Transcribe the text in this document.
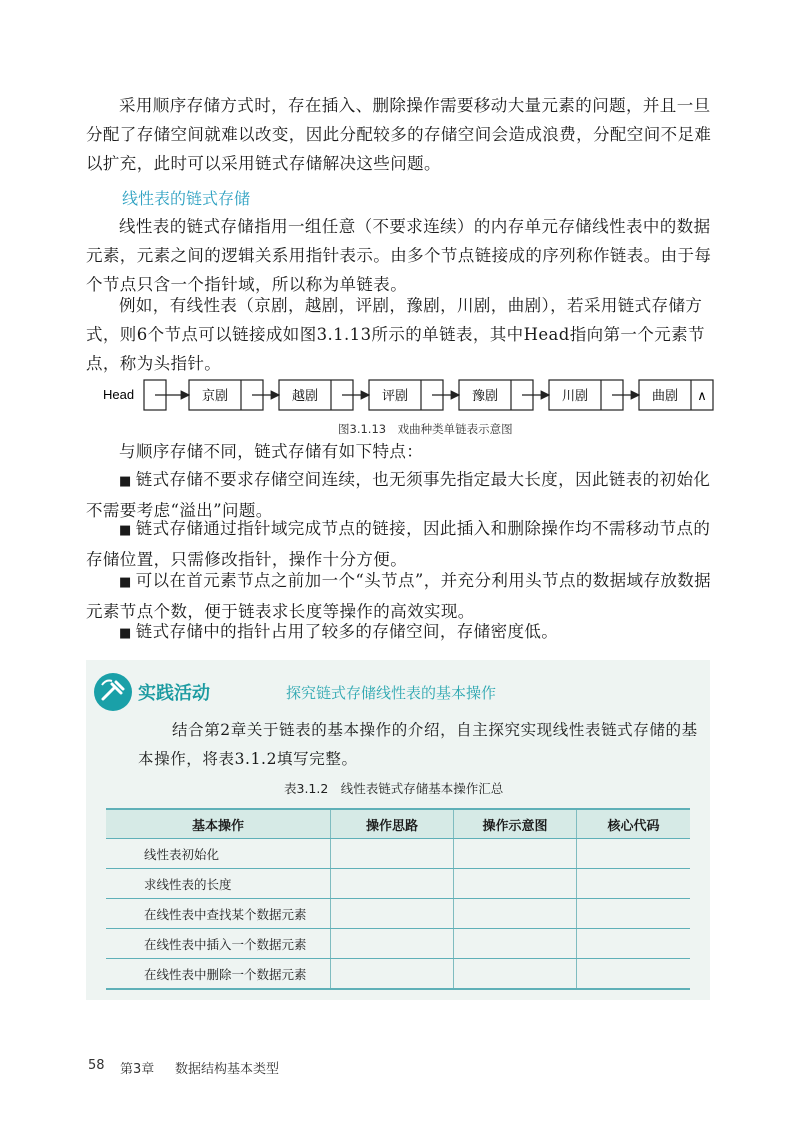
采用顺序存储方式时，存在插入、删除操作需要移动大量元素的问题，并且一旦分配了存储空间就难以改变，因此分配较多的存储空间会造成浪费，分配空间不足难以扩充，此时可以采用链式存储解决这些问题。

线性表的链式存储

线性表的链式存储指用一组任意（不要求连续）的内存单元存储线性表中的数据元素，元素之间的逻辑关系用指针表示。由多个节点链接成的序列称作链表。由于每个节点只含一个指针域，所以称为单链表。

例如，有线性表（京剧，越剧，评剧，豫剧，川剧，曲剧），若采用链式存储方式，则6个节点可以链接成如图3.1.13所示的单链表，其中Head指向第一个元素节点，称为头指针。

Head	京剧	越剧	评剧	豫剧	川剧	曲剧 ∧
图3.1.13　戏曲种类单链表示意图

与顺序存储不同，链式存储有如下特点：

■ 链式存储不要求存储空间连续，也无须事先指定最大长度，因此链表的初始化不需要考虑“溢出”问题。

■ 链式存储通过指针域完成节点的链接，因此插入和删除操作均不需移动节点的存储位置，只需修改指针，操作十分方便。

■ 可以在首元素节点之前加一个“头节点”，并充分利用头节点的数据域存放数据元素节点个数，便于链表求长度等操作的高效实现。

■ 链式存储中的指针占用了较多的存储空间，存储密度低。

实践活动	探究链式存储线性表的基本操作

结合第2章关于链表的基本操作的介绍，自主探究实现线性表链式存储的基本操作，将表3.1.2填写完整。

表3.1.2　线性表链式存储基本操作汇总
基本操作	操作思路	操作示意图	核心代码
线性表初始化			
求线性表的长度			
在线性表中查找某个数据元素			
在线性表中插入一个数据元素			
在线性表中删除一个数据元素			
58 第3章 数据结构基本类型
